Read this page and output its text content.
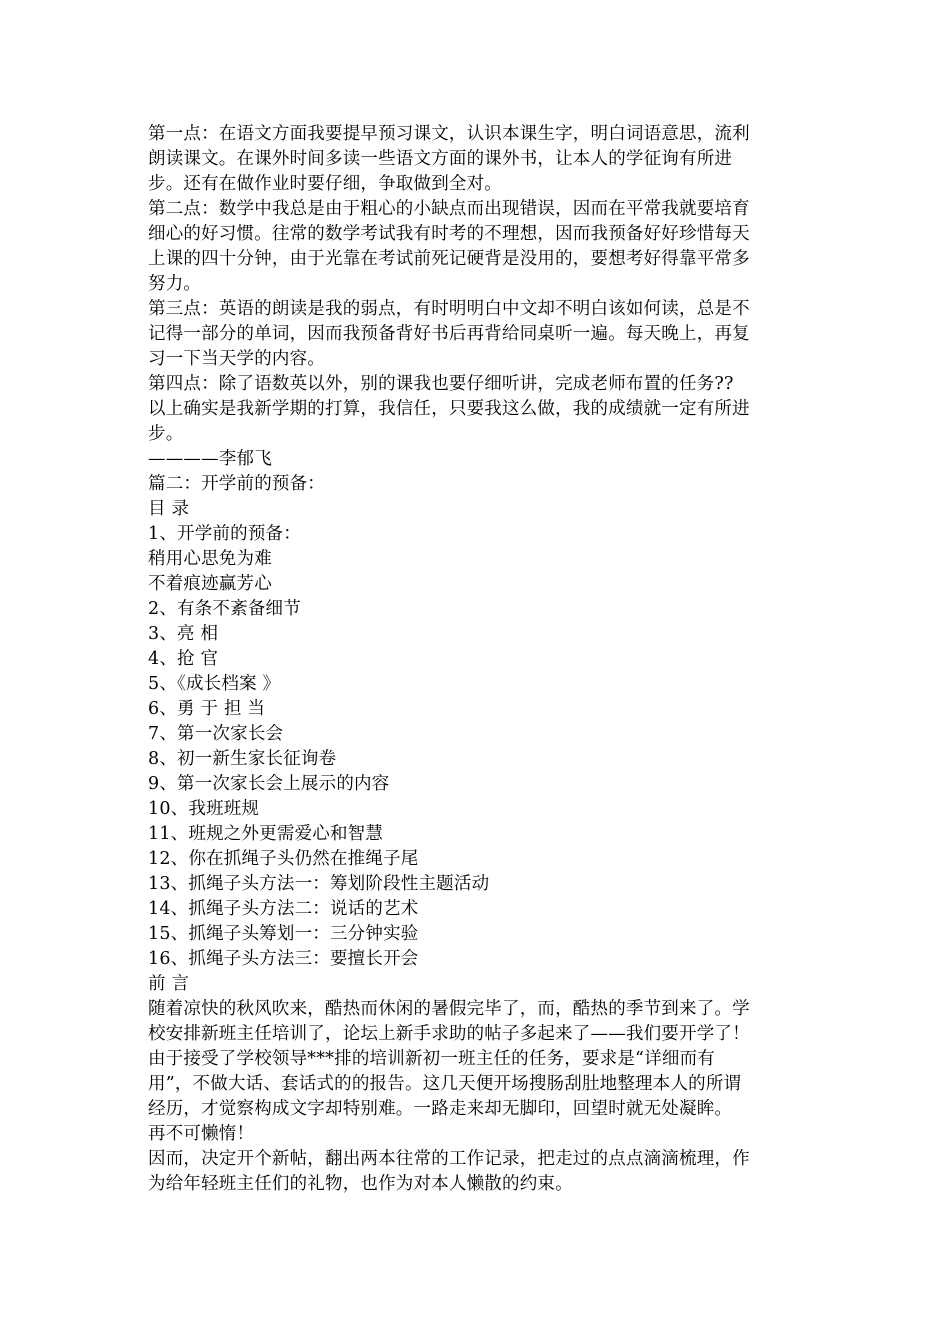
第一点：在语文方面我要提早预习课文，认识本课生字，明白词语意思，流利

朗读课文。在课外时间多读一些语文方面的课外书，让本人的学征询有所进

步。还有在做作业时要仔细，争取做到全对。

第二点：数学中我总是由于粗心的小缺点而出现错误，因而在平常我就要培育

细心的好习惯。往常的数学考试我有时考的不理想，因而我预备好好珍惜每天

上课的四十分钟，由于光靠在考试前死记硬背是没用的，要想考好得靠平常多

努力。

第三点：英语的朗读是我的弱点，有时明明白中文却不明白该如何读，总是不

记得一部分的单词，因而我预备背好书后再背给同桌听一遍。每天晚上，再复

习一下当天学的内容。

第四点：除了语数英以外，别的课我也要仔细听讲，完成老师布置的任务??

以上确实是我新学期的打算，我信任，只要我这么做，我的成绩就一定有所进

步。

————李郁飞

篇二：开学前的预备：

目 录

1、开学前的预备：

稍用心思免为难

不着痕迹赢芳心

2、有条不紊备细节

3、亮 相

4、抢 官

5、《成长档案 》

6、勇 于 担 当

7、第一次家长会

8、初一新生家长征询卷

9、第一次家长会上展示的内容

10、我班班规

11、班规之外更需爱心和智慧

12、你在抓绳子头仍然在推绳子尾

13、抓绳子头方法一：筹划阶段性主题活动

14、抓绳子头方法二：说话的艺术

15、抓绳子头筹划一：三分钟实验

16、抓绳子头方法三：要擅长开会

前 言

随着凉快的秋风吹来，酷热而休闲的暑假完毕了，而，酷热的季节到来了。学

校安排新班主任培训了，论坛上新手求助的帖子多起来了——我们要开学了！

由于接受了学校领导***排的培训新初一班主任的任务，要求是“详细而有

用”，不做大话、套话式的的报告。这几天便开场搜肠刮肚地整理本人的所谓

经历，才觉察构成文字却特别难。一路走来却无脚印，回望时就无处凝眸。

再不可懒惰！

因而，决定开个新帖，翻出两本往常的工作记录，把走过的点点滴滴梳理，作

为给年轻班主任们的礼物，也作为对本人懒散的约束。
